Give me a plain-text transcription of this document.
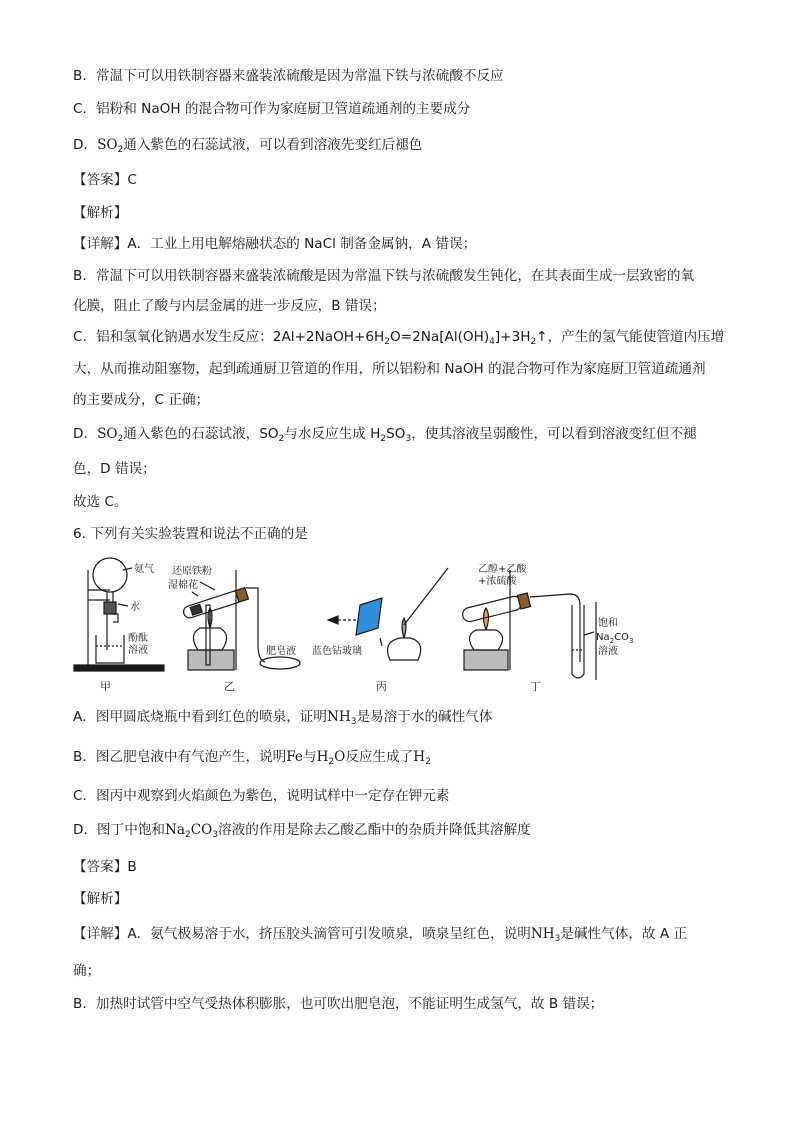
B．常温下可以用铁制容器来盛装浓硫酸是因为常温下铁与浓硫酸不反应
C．铝粉和 NaOH 的混合物可作为家庭厨卫管道疏通剂的主要成分
D．$SO_2$通入紫色的石蕊试液，可以看到溶液先变红后褪色
【答案】C
【解析】
【详解】A．工业上用电解熔融状态的 NaCl 制备金属钠，A 错误；
B．常温下可以用铁制容器来盛装浓硫酸是因为常温下铁与浓硫酸发生钝化，在其表面生成一层致密的氧
化膜，阻止了酸与内层金属的进一步反应，B 错误；
C．铝和氢氧化钠遇水发生反应：$2Al+2NaOH+6H_2O=2Na[Al(OH)_4]+3H_2↑$，产生的氢气能使管道内压增
大，从而推动阻塞物，起到疏通厨卫管道的作用，所以铝粉和 NaOH 的混合物可作为家庭厨卫管道疏通剂
的主要成分，C 正确；
D．$SO_2$通入紫色的石蕊试液，$SO_2$与水反应生成 $H_2SO_3$，使其溶液呈弱酸性，可以看到溶液变红但不褪
色，D 错误；
故选 C。
6. 下列有关实验装置和说法不正确的是
氨气
水
酚酞
溶液
甲
还原铁粉
湿棉花
肥皂液
乙
蓝色钴玻璃
丙
乙醇+乙酸
+浓硫酸
饱和
$Na_2CO_3$
溶液
丁
A．图甲圆底烧瓶中看到红色的喷泉，证明$NH_3$是易溶于水的碱性气体
B．图乙肥皂液中有气泡产生，说明Fe与$H_2O$反应生成了$H_2$
C．图丙中观察到火焰颜色为紫色，说明试样中一定存在钾元素
D．图丁中饱和$Na_2CO_3$溶液的作用是除去乙酸乙酯中的杂质并降低其溶解度
【答案】B
【解析】
【详解】A．氨气极易溶于水，挤压胶头滴管可引发喷泉，喷泉呈红色，说明$NH_3$是碱性气体，故 A 正
确；
B．加热时试管中空气受热体积膨胀，也可吹出肥皂泡，不能证明生成氢气，故 B 错误；
